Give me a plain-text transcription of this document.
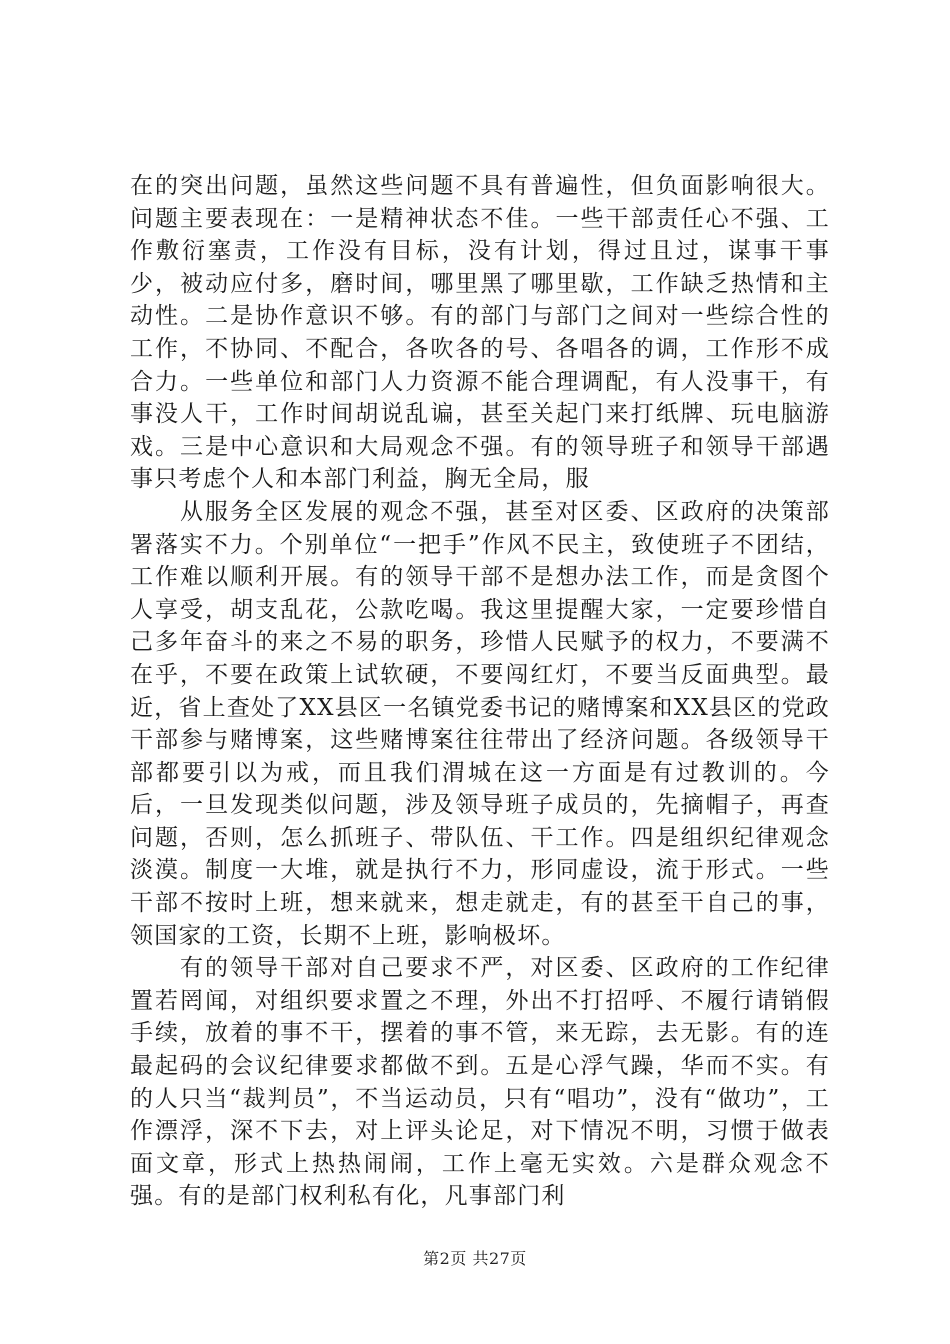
在的突出问题，虽然这些问题不具有普遍性，但负面影响很大。问题主要表现在：一是精神状态不佳。一些干部责任心不强、工作敷衍塞责，工作没有目标，没有计划，得过且过，谋事干事少，被动应付多，磨时间，哪里黑了哪里歇，工作缺乏热情和主动性。二是协作意识不够。有的部门与部门之间对一些综合性的工作，不协同、不配合，各吹各的号、各唱各的调，工作形不成合力。一些单位和部门人力资源不能合理调配，有人没事干，有事没人干，工作时间胡说乱谝，甚至关起门来打纸牌、玩电脑游戏。三是中心意识和大局观念不强。有的领导班子和领导干部遇事只考虑个人和本部门利益，胸无全局，服

从服务全区发展的观念不强，甚至对区委、区政府的决策部署落实不力。个别单位“一把手”作风不民主，致使班子不团结，工作难以顺利开展。有的领导干部不是想办法工作，而是贪图个人享受，胡支乱花，公款吃喝。我这里提醒大家，一定要珍惜自己多年奋斗的来之不易的职务，珍惜人民赋予的权力，不要满不在乎，不要在政策上试软硬，不要闯红灯，不要当反面典型。最近，省上查处了XX县区一名镇党委书记的赌博案和XX县区的党政干部参与赌博案，这些赌博案往往带出了经济问题。各级领导干部都要引以为戒，而且我们渭城在这一方面是有过教训的。今后，一旦发现类似问题，涉及领导班子成员的，先摘帽子，再查问题，否则，怎么抓班子、带队伍、干工作。四是组织纪律观念淡漠。制度一大堆，就是执行不力，形同虚设，流于形式。一些干部不按时上班，想来就来，想走就走，有的甚至干自己的事，领国家的工资，长期不上班，影响极坏。

有的领导干部对自己要求不严，对区委、区政府的工作纪律置若罔闻，对组织要求置之不理，外出不打招呼、不履行请销假手续，放着的事不干，摆着的事不管，来无踪，去无影。有的连最起码的会议纪律要求都做不到。五是心浮气躁，华而不实。有的人只当“裁判员”，不当运动员，只有“唱功”，没有“做功”，工作漂浮，深不下去，对上评头论足，对下情况不明，习惯于做表面文章，形式上热热闹闹，工作上毫无实效。六是群众观念不强。有的是部门权利私有化，凡事部门利

第2页 共27页
